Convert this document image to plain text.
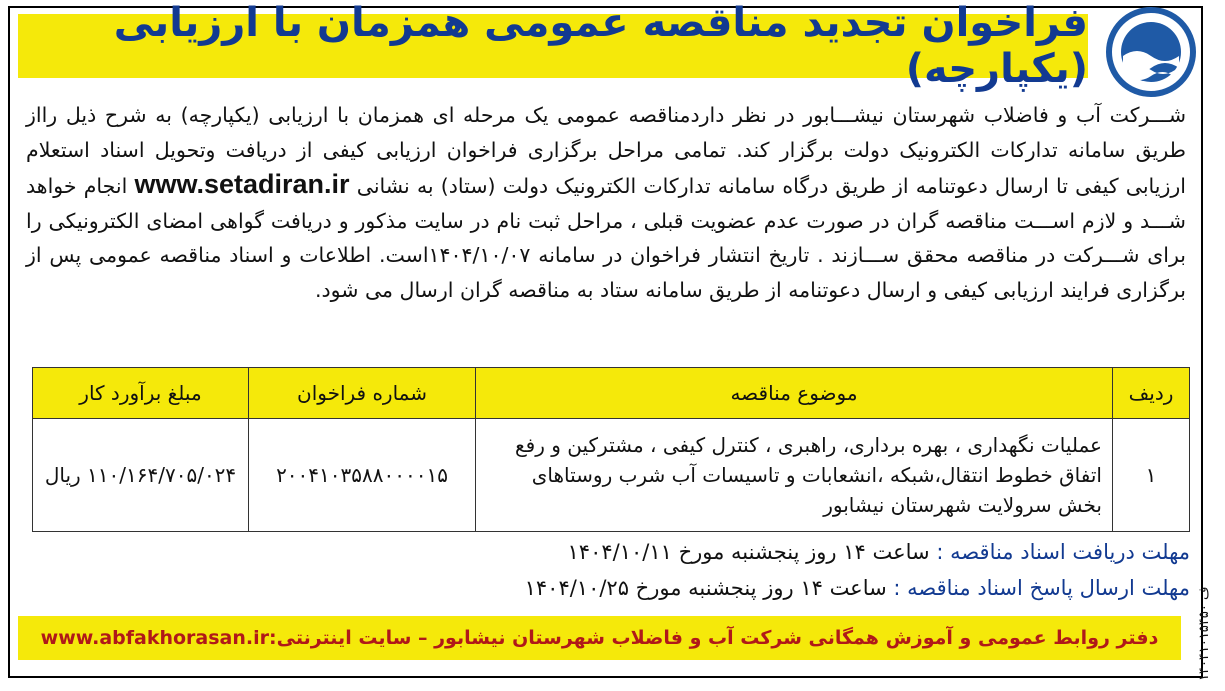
فراخوان تجدید مناقصه عمومی همزمان با ارزیابی (یکپارچه)
شـــرکت آب و فاضلاب شهرستان نیشـــابور در نظر داردمناقصه عمومی یک مرحله ای همزمان با ارزیابی (یکپارچه) به شرح ذیل رااز طریق سامانه تدارکات الکترونیک دولت برگزار کند. تمامی مراحل برگزاری فراخوان ارزیابی کیفی از دریافت وتحویل اسناد استعلام ارزیابی کیفی تا ارسال دعوتنامه از طریق درگاه سامانه تدارکات الکترونیک دولت (ستاد) به نشانی www.setadiran.ir انجام خواهد شـــد و لازم اســـت مناقصه گران در صورت عدم عضویت قبلی ، مراحل ثبت نام در سایت مذکور و دریافت گواهی امضای الکترونیکی را برای شـــرکت در مناقصه محقق ســـازند . تاریخ انتشار فراخوان در سامانه ۱۴۰۴/۱۰/۰۷است. اطلاعات و اسناد مناقصه عمومی پس از برگزاری فرایند ارزیابی کیفی و ارسال دعوتنامه از طریق سامانه ستاد به مناقصه گران ارسال می شود.
ردیف	موضوع مناقصه	شماره فراخوان	مبلغ برآورد کار
۱	عملیات نگهداری ، بهره برداری، راهبری ، کنترل کیفی ، مشترکین و رفع اتفاق خطوط انتقال،شبکه ،انشعابات و تاسیسات آب شرب روستاهای بخش سرولایت شهرستان نیشابور	۲۰۰۴۱۰۳۵۸۸۰۰۰۰۱۵	۱۱۰/۱۶۴/۷۰۵/۰۲۴ ریال
مهلت دریافت اسناد مناقصه : ساعت ۱۴ روز پنجشنبه مورخ ۱۴۰۴/۱۰/۱۱
مهلت ارسال پاسخ اسناد مناقصه : ساعت ۱۴ روز پنجشنبه مورخ ۱۴۰۴/۱۰/۲۵
دفتر روابط عمومی و آموزش همگانی شرکت آب و فاضلاب شهرستان نیشابور – سایت اینترنتی:www.abfakhorasan.ir	۱۴۰۴۱۰۱۵۴۵۰ ف
